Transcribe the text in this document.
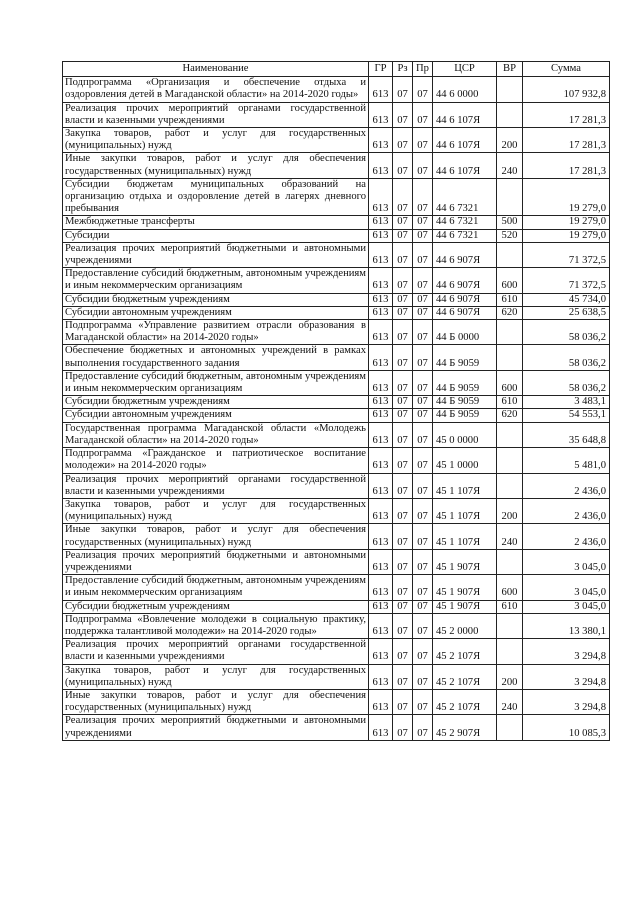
Наименование	ГР	Рз	Пр	ЦСР	ВР	Сумма
Подпрограмма «Организация и обеспечение отдыха и оздоровления детей в Магаданской области» на 2014-2020 годы»	613	07	07	44 6 0000		107 932,8
Реализация прочих мероприятий органами государственной власти и казенными учреждениями	613	07	07	44 6 107Я		17 281,3
Закупка товаров, работ и услуг для государственных (муниципальных) нужд	613	07	07	44 6 107Я	200	17 281,3
Иные закупки товаров, работ и услуг для обеспечения государственных (муниципальных) нужд	613	07	07	44 6 107Я	240	17 281,3
Субсидии бюджетам муниципальных образований на организацию отдыха и оздоровление детей в лагерях дневного пребывания	613	07	07	44 6 7321		19 279,0
Межбюджетные трансферты	613	07	07	44 6 7321	500	19 279,0
Субсидии	613	07	07	44 6 7321	520	19 279,0
Реализация прочих мероприятий бюджетными и автономными учреждениями	613	07	07	44 6 907Я		71 372,5
Предоставление субсидий бюджетным, автономным учреждениям и иным некоммерческим организациям	613	07	07	44 6 907Я	600	71 372,5
Субсидии бюджетным учреждениям	613	07	07	44 6 907Я	610	45 734,0
Субсидии автономным учреждениям	613	07	07	44 6 907Я	620	25 638,5
Подпрограмма «Управление развитием отрасли образования в Магаданской области» на 2014-2020 годы»	613	07	07	44 Б 0000		58 036,2
Обеспечение бюджетных и автономных учреждений в рамках выполнения государственного задания	613	07	07	44 Б 9059		58 036,2
Предоставление субсидий бюджетным, автономным учреждениям и иным некоммерческим организациям	613	07	07	44 Б 9059	600	58 036,2
Субсидии бюджетным учреждениям	613	07	07	44 Б 9059	610	3 483,1
Субсидии автономным учреждениям	613	07	07	44 Б 9059	620	54 553,1
Государственная программа Магаданской области «Молодежь Магаданской области» на 2014-2020 годы»	613	07	07	45 0 0000		35 648,8
Подпрограмма «Гражданское и патриотическое воспитание молодежи» на 2014-2020 годы»	613	07	07	45 1 0000		5 481,0
Реализация прочих мероприятий органами государственной власти и казенными учреждениями	613	07	07	45 1 107Я		2 436,0
Закупка товаров, работ и услуг для государственных (муниципальных) нужд	613	07	07	45 1 107Я	200	2 436,0
Иные закупки товаров, работ и услуг для обеспечения государственных (муниципальных) нужд	613	07	07	45 1 107Я	240	2 436,0
Реализация прочих мероприятий бюджетными и автономными учреждениями	613	07	07	45 1 907Я		3 045,0
Предоставление субсидий бюджетным, автономным учреждениям и иным некоммерческим организациям	613	07	07	45 1 907Я	600	3 045,0
Субсидии бюджетным учреждениям	613	07	07	45 1 907Я	610	3 045,0
Подпрограмма «Вовлечение молодежи в социальную практику, поддержка талантливой молодежи» на 2014-2020 годы»	613	07	07	45 2 0000		13 380,1
Реализация прочих мероприятий органами государственной власти и казенными учреждениями	613	07	07	45 2 107Я		3 294,8
Закупка товаров, работ и услуг для государственных (муниципальных) нужд	613	07	07	45 2 107Я	200	3 294,8
Иные закупки товаров, работ и услуг для обеспечения государственных (муниципальных) нужд	613	07	07	45 2 107Я	240	3 294,8
Реализация прочих мероприятий бюджетными и автономными учреждениями	613	07	07	45 2 907Я		10 085,3
